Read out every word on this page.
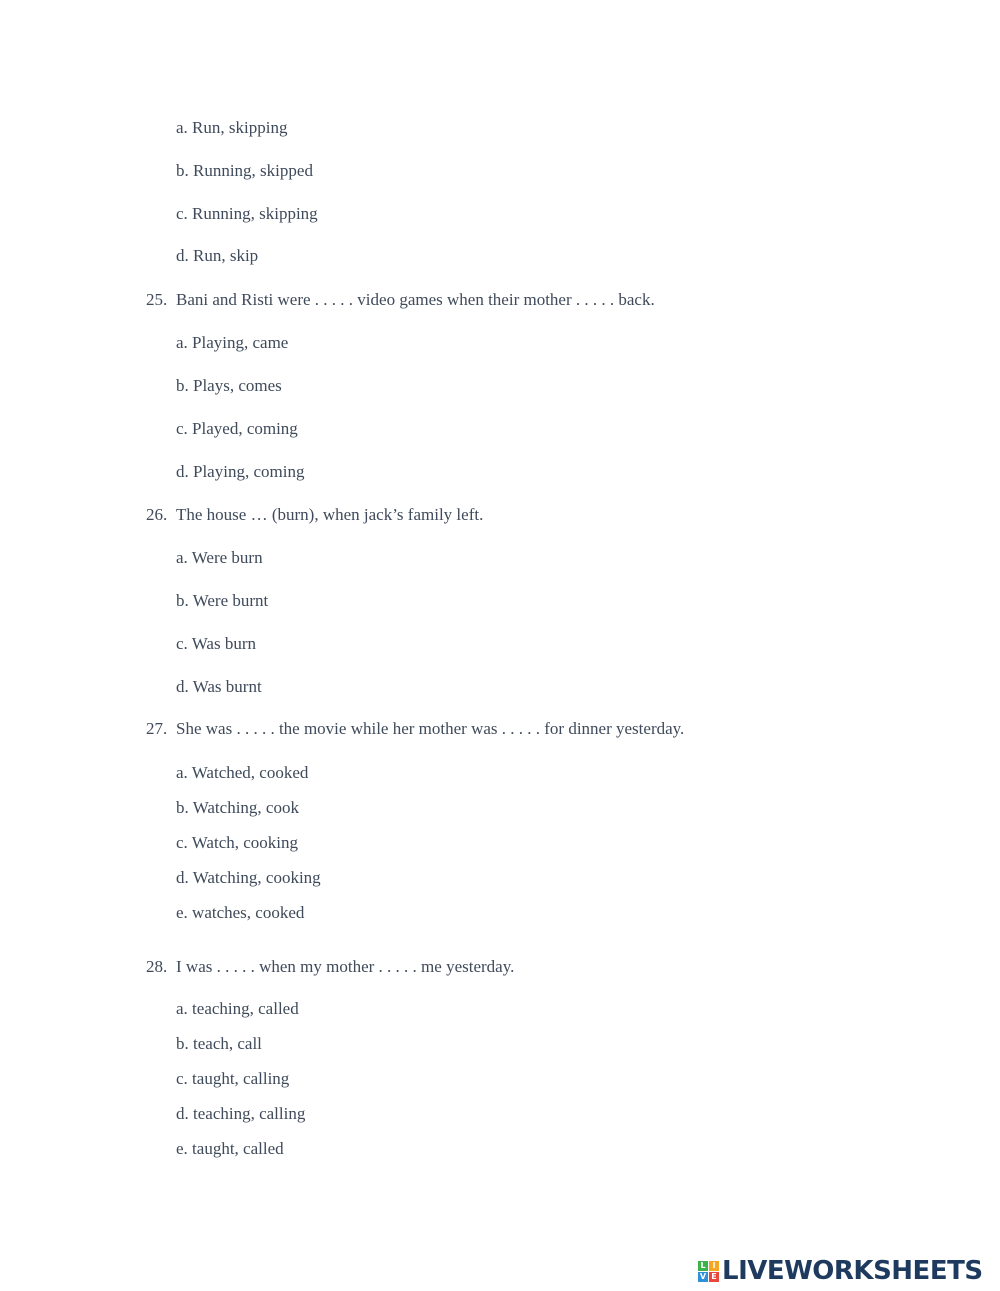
a. Run, skipping
b. Running, skipped
c. Running, skipping
d. Run, skip
25. Bani and Risti were . . . . . video games when their mother . . . . . back.
a. Playing, came
b. Plays, comes
c. Played, coming
d. Playing, coming
26. The house … (burn), when jack’s family left.
a. Were burn
b. Were burnt
c. Was burn
d. Was burnt
27. She was . . . . . the movie while her mother was . . . . . for dinner yesterday.
a. Watched, cooked
b. Watching, cook
c. Watch, cooking
d. Watching, cooking
e. watches, cooked
28. I was . . . . . when my mother . . . . . me yesterday.
a. teaching, called
b. teach, call
c. taught, calling
d. teaching, calling
e. taught, called
L I
V E LIVEWORKSHEETS
